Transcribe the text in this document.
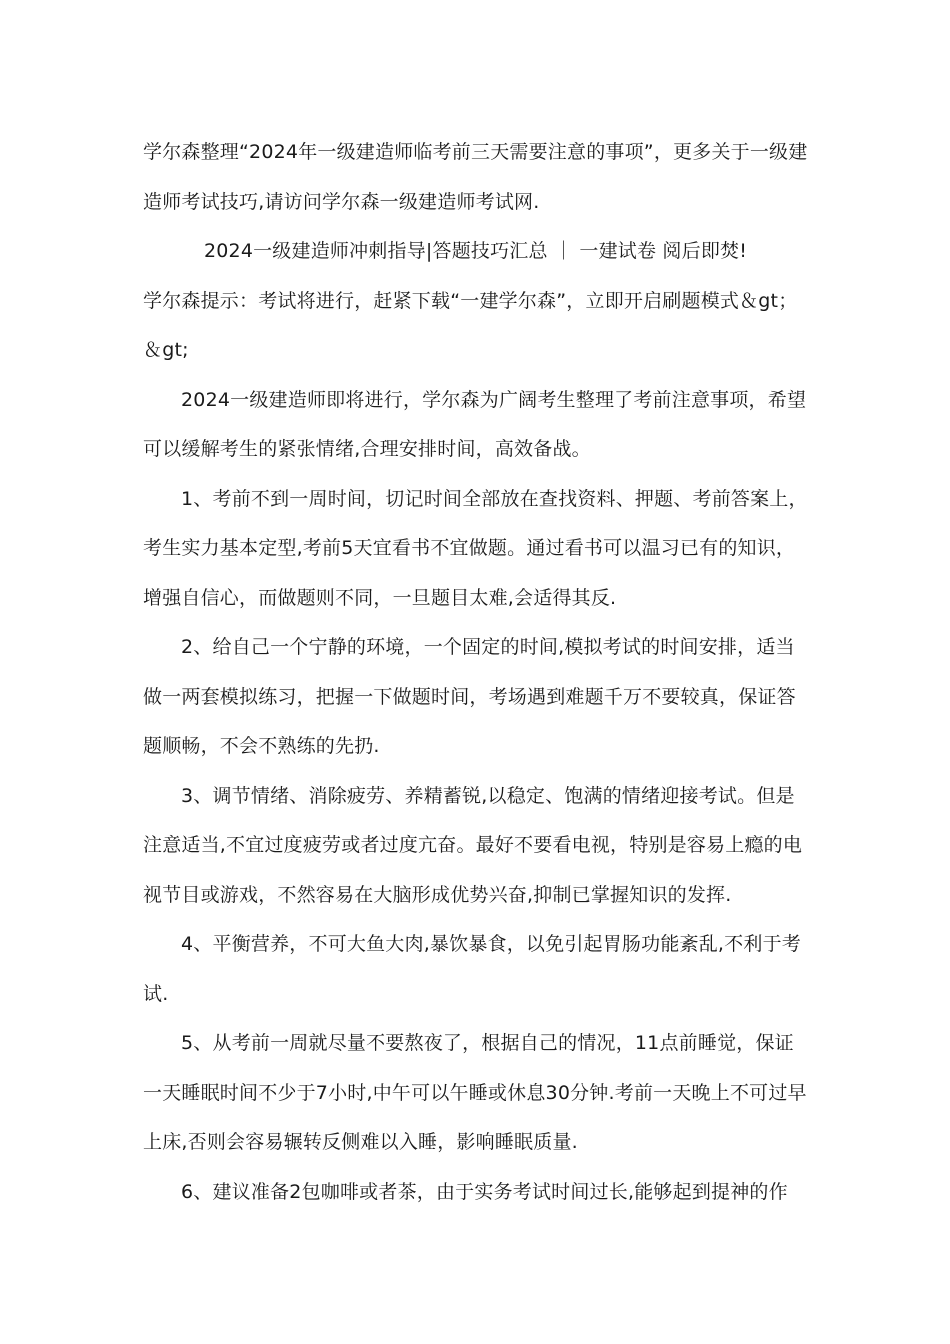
学尔森整理“2024年一级建造师临考前三天需要注意的事项”，更多关于一级建造师考试技巧,请访问学尔森一级建造师考试网.

2024一级建造师冲刺指导|答题技巧汇总 ｜ 一建试卷 阅后即焚!

学尔森提示：考试将进行，赶紧下载“一建学尔森”，立即开启刷题模式＆gt；＆gt;

2024一级建造师即将进行，学尔森为广阔考生整理了考前注意事项，希望可以缓解考生的紧张情绪,合理安排时间，高效备战。

1、考前不到一周时间，切记时间全部放在查找资料、押题、考前答案上，考生实力基本定型,考前5天宜看书不宜做题。通过看书可以温习已有的知识，增强自信心，而做题则不同，一旦题目太难,会适得其反.

2、给自己一个宁静的环境，一个固定的时间,模拟考试的时间安排，适当做一两套模拟练习，把握一下做题时间，考场遇到难题千万不要较真，保证答题顺畅，不会不熟练的先扔.

3、调节情绪、消除疲劳、养精蓄锐,以稳定、饱满的情绪迎接考试。但是注意适当,不宜过度疲劳或者过度亢奋。最好不要看电视，特别是容易上瘾的电视节目或游戏，不然容易在大脑形成优势兴奋,抑制已掌握知识的发挥.

4、平衡营养，不可大鱼大肉,暴饮暴食，以免引起胃肠功能紊乱,不利于考试.

5、从考前一周就尽量不要熬夜了，根据自己的情况，11点前睡觉，保证一天睡眠时间不少于7小时,中午可以午睡或休息30分钟.考前一天晚上不可过早上床,否则会容易辗转反侧难以入睡，影响睡眠质量.

6、建议准备2包咖啡或者茶，由于实务考试时间过长,能够起到提神的作
